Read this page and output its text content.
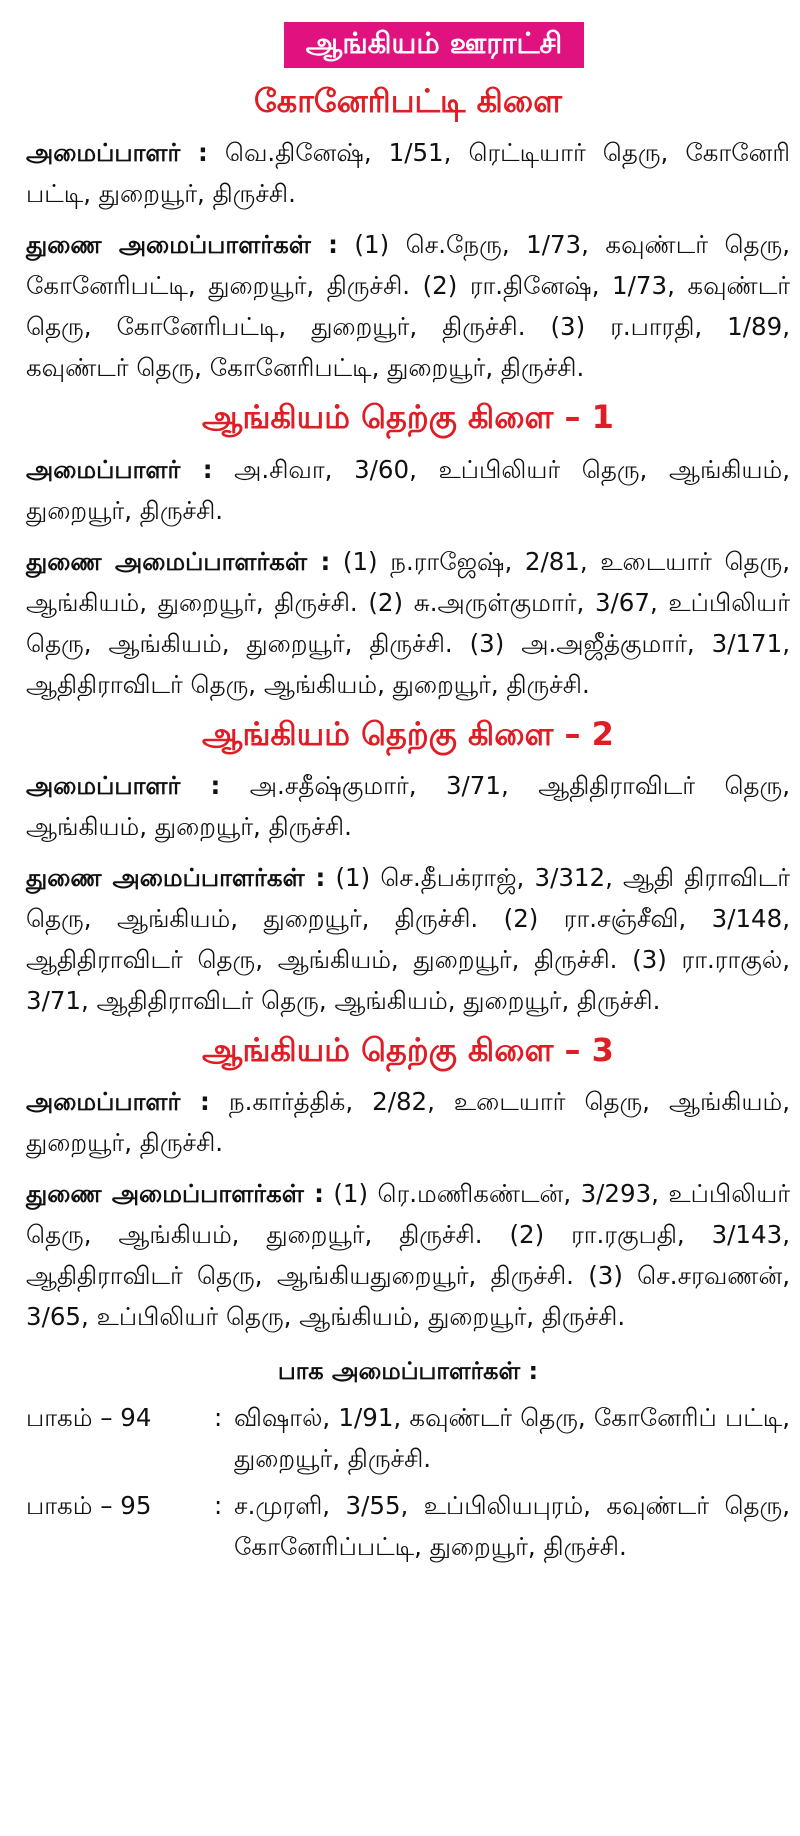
ஆங்கியம் ஊராட்சி
கோனேரிபட்டி கிளை

அமைப்பாளர் : வெ.தினேஷ், 1/51, ரெட்டியார் தெரு, கோனேரி பட்டி, துறையூர், திருச்சி.

துணை அமைப்பாளர்கள் : (1) செ.நேரு, 1/73, கவுண்டர் தெரு, கோனேரிபட்டி, துறையூர், திருச்சி. (2) ரா.தினேஷ், 1/73, கவுண்டர் தெரு, கோனேரிபட்டி, துறையூர், திருச்சி. (3) ர.பாரதி, 1/89, கவுண்டர் தெரு, கோனேரிபட்டி, துறையூர், திருச்சி.

ஆங்கியம் தெற்கு கிளை – 1

அமைப்பாளர் : அ.சிவா, 3/60, உப்பிலியர் தெரு, ஆங்கியம், துறையூர், திருச்சி.

துணை அமைப்பாளர்கள் : (1) ந.ராஜேஷ், 2/81, உடையார் தெரு, ஆங்கியம், துறையூர், திருச்சி. (2) சு.அருள்குமார், 3/67, உப்பிலியர் தெரு, ஆங்கியம், துறையூர், திருச்சி. (3) அ.அஜீத்குமார், 3/171, ஆதிதிராவிடர் தெரு, ஆங்கியம், துறையூர், திருச்சி.

ஆங்கியம் தெற்கு கிளை – 2

அமைப்பாளர் : அ.சதீஷ்குமார், 3/71, ஆதிதிராவிடர் தெரு, ஆங்கியம், துறையூர், திருச்சி.

துணை அமைப்பாளர்கள் : (1) செ.தீபக்ராஜ், 3/312, ஆதி திராவிடர் தெரு, ஆங்கியம், துறையூர், திருச்சி. (2) ரா.சஞ்சீவி, 3/148, ஆதிதிராவிடர் தெரு, ஆங்கியம், துறையூர், திருச்சி. (3) ரா.ராகுல், 3/71, ஆதிதிராவிடர் தெரு, ஆங்கியம், துறையூர், திருச்சி.

ஆங்கியம் தெற்கு கிளை – 3

அமைப்பாளர் : ந.கார்த்திக், 2/82, உடையார் தெரு, ஆங்கியம், துறையூர், திருச்சி.

துணை அமைப்பாளர்கள் : (1) ரெ.மணிகண்டன், 3/293, உப்பிலியர் தெரு, ஆங்கியம், துறையூர், திருச்சி. (2) ரா.ரகுபதி, 3/143, ஆதிதிராவிடர் தெரு, ஆங்கியதுறையூர், திருச்சி. (3) செ.சரவணன், 3/65, உப்பிலியர் தெரு, ஆங்கியம், துறையூர், திருச்சி.

பாக அமைப்பாளர்கள் :
பாகம் – 94	: விஷால், 1/91, கவுண்டர் தெரு, கோனேரிப் பட்டி, துறையூர், திருச்சி.
பாகம் – 95	: ச.முரளி, 3/55, உப்பிலியபுரம், கவுண்டர் தெரு, கோனேரிப்பட்டி, துறையூர், திருச்சி.
